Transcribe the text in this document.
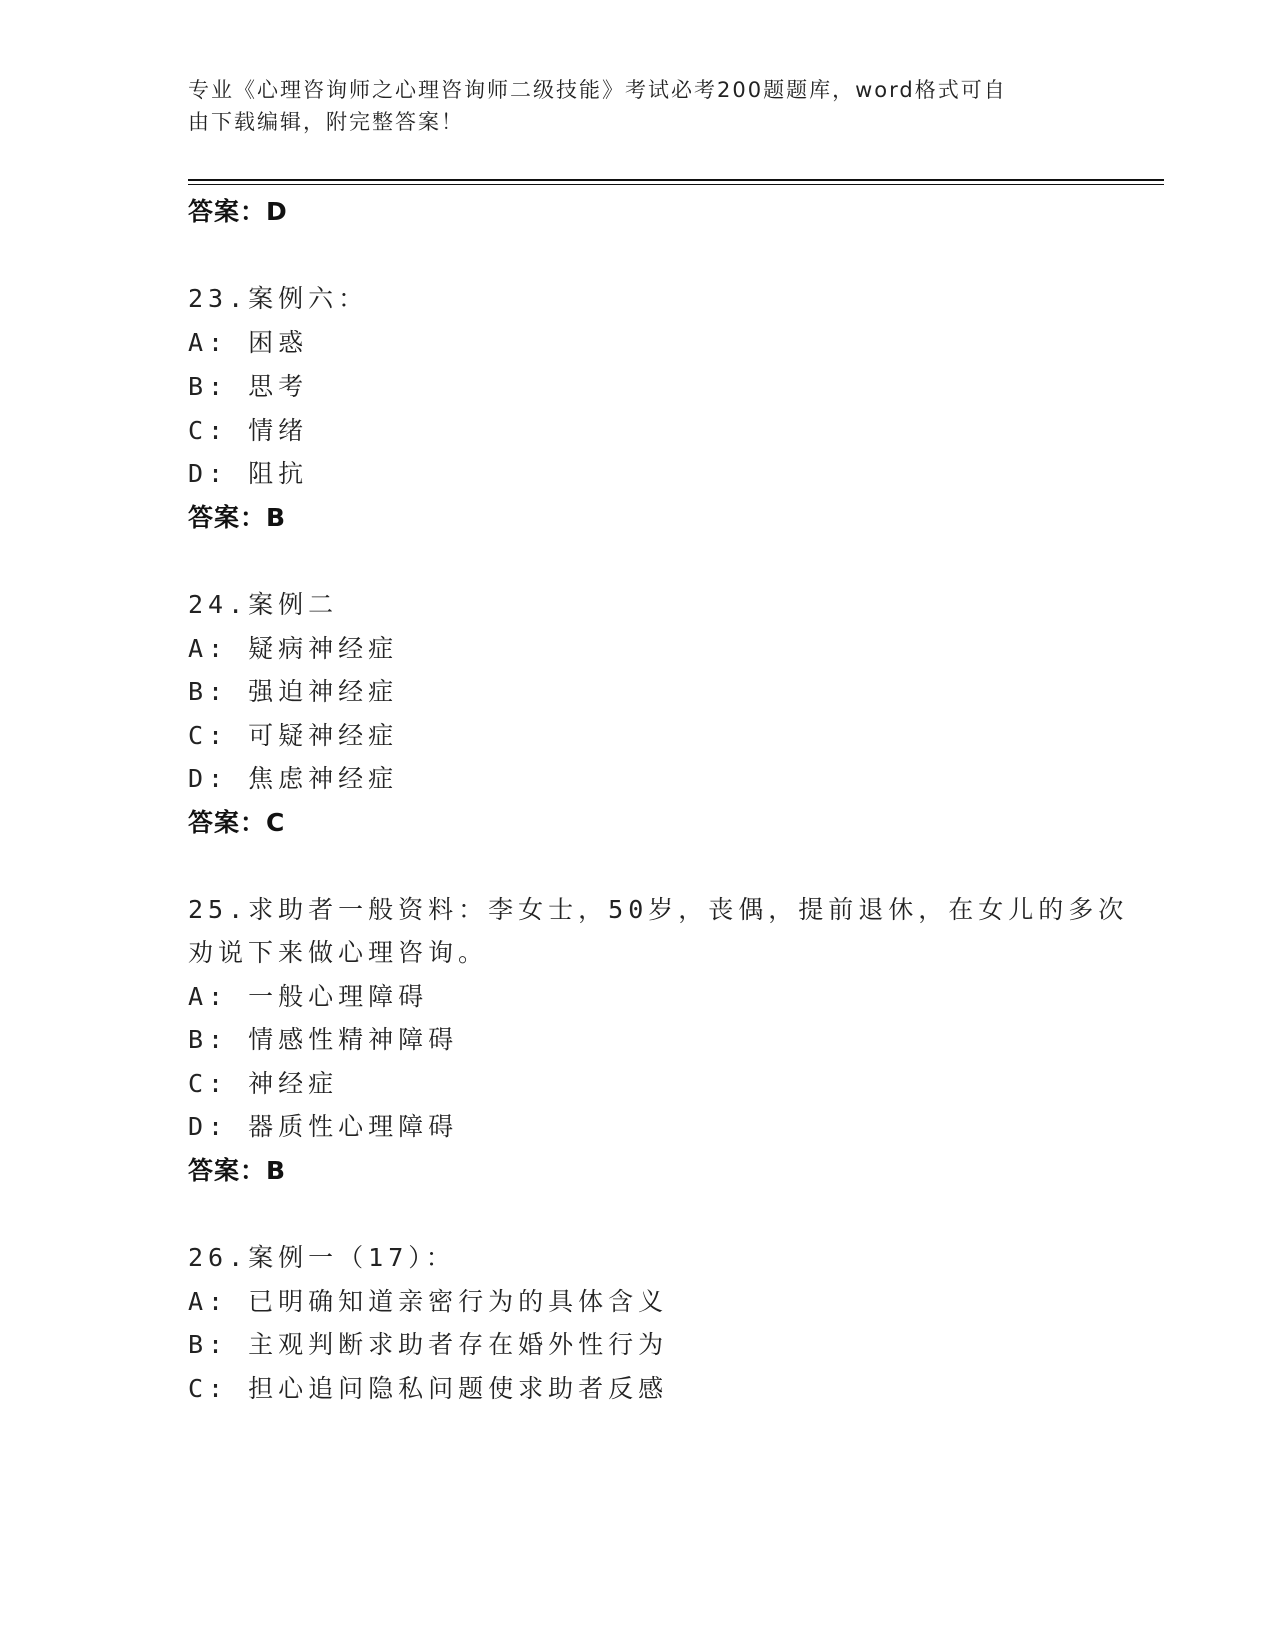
专业《心理咨询师之心理咨询师二级技能》考试必考200题题库，word格式可自
由下载编辑，附完整答案！
答案：D
23.案例六：
A: 困惑
B: 思考
C: 情绪
D: 阻抗
答案：B
24.案例二
A: 疑病神经症
B: 强迫神经症
C: 可疑神经症
D: 焦虑神经症
答案：C
25.求助者一般资料：李女士，50岁，丧偶，提前退休，在女儿的多次
劝说下来做心理咨询。
A: 一般心理障碍
B: 情感性精神障碍
C: 神经症
D: 器质性心理障碍
答案：B
26.案例一（17）：
A: 已明确知道亲密行为的具体含义
B: 主观判断求助者存在婚外性行为
C: 担心追问隐私问题使求助者反感
